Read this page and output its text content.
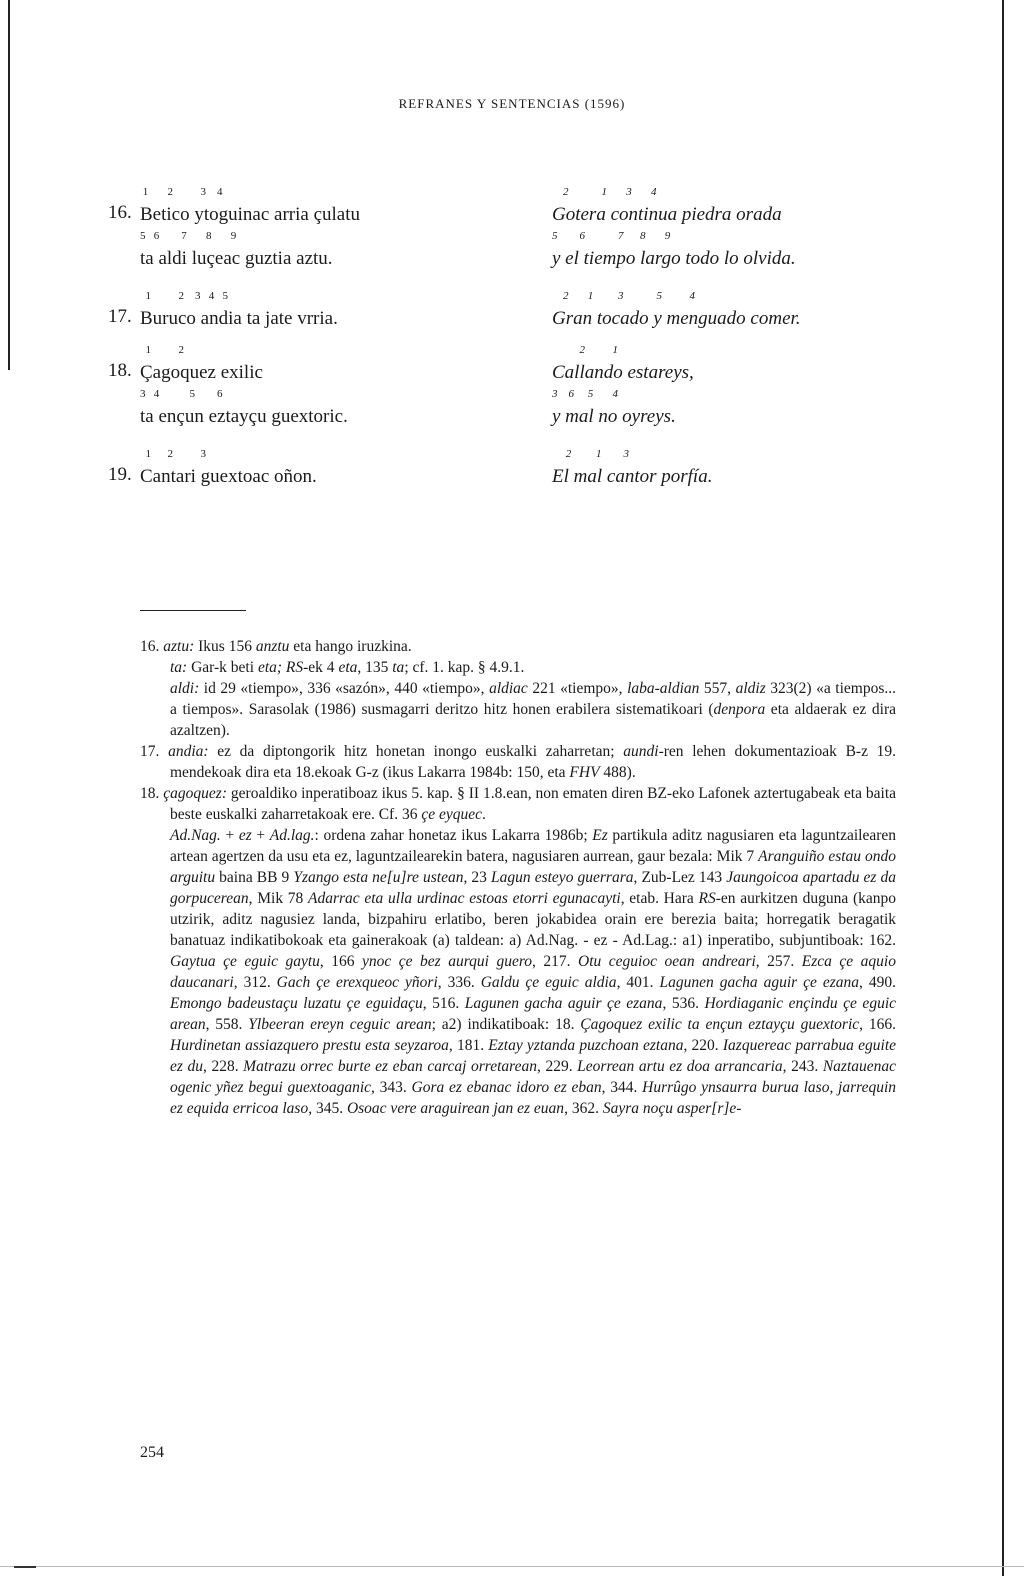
REFRANES Y SENTENCIAS (1596)
16.
1       2          3    4
Betico ytoguinac arria çulatu
5   6        7       8       9
ta aldi luçeac guztia aztu.
2            1       3       4
Gotera continua piedra orada
5        6            7      8       9
y el tiempo largo todo lo olvida.
17.
1          2    3   4   5
Buruco andia ta jate vrria.
2       1         3            5          4
Gran tocado y menguado comer.
18.
1          2
Çagoquez exilic
3   4           5        6
ta ençun eztayçu guextoric.
2          1
Callando estareys,
3    6     5       4
y mal no oyreys.
19.
1      2          3
Cantari guextoac oñon.
2         1        3
El mal cantor porfía.

16. aztu: Ikus 156 anztu eta hango iruzkina.

ta: Gar-k beti eta; RS-ek 4 eta, 135 ta; cf. 1. kap. § 4.9.1.

aldi: id 29 «tiempo», 336 «sazón», 440 «tiempo», aldiac 221 «tiempo», laba-aldian 557, aldiz 323(2) «a tiempos... a tiempos». Sarasolak (1986) susmagarri deritzo hitz honen erabilera sistematikoari (denpora eta aldaerak ez dira azaltzen).

17. andia: ez da diptongorik hitz honetan inongo euskalki zaharretan; aundi-ren lehen dokumentazioak B-z 19. mendekoak dira eta 18.ekoak G-z (ikus Lakarra 1984b: 150, eta FHV 488).

18. çagoquez: geroaldiko inperatiboaz ikus 5. kap. § II 1.8.ean, non ematen diren BZ-eko Lafonek aztertugabeak eta baita beste euskalki zaharretakoak ere. Cf. 36 çe eyquec.

Ad.Nag. + ez + Ad.lag.: ordena zahar honetaz ikus Lakarra 1986b; Ez partikula aditz nagusiaren eta laguntzailearen artean agertzen da usu eta ez, laguntzailearekin batera, nagusiaren aurrean, gaur bezala: Mik 7 Aranguiño estau ondo arguitu baina BB 9 Yzango esta ne[u]re ustean, 23 Lagun esteyo guerrara, Zub-Lez 143 Jaungoicoa apartadu ez da gorpucerean, Mik 78 Adarrac eta ulla urdinac estoas etorri egunacayti, etab. Hara RS-en aurkitzen duguna (kanpo utzirik, aditz nagusiez landa, bizpahiru erlatibo, beren jokabidea orain ere berezia baita; horregatik beragatik banatuaz indikatibokoak eta gainerakoak (a) taldean: a) Ad.Nag. - ez - Ad.Lag.: a1) inperatibo, subjuntiboak: 162. Gaytua çe eguic gaytu, 166 ynoc çe bez aurqui guero, 217. Otu ceguioc oean andreari, 257. Ezca çe aquio daucanari, 312. Gach çe erexqueoc yñori, 336. Galdu çe eguic aldia, 401. Lagunen gacha aguir çe ezana, 490. Emongo badeustaçu luzatu çe eguidaçu, 516. Lagunen gacha aguir çe ezana, 536. Hordiaganic ençindu çe eguic arean, 558. Ylbeeran ereyn ceguic arean; a2) indikatiboak: 18. Çagoquez exilic ta ençun eztayçu guextoric, 166. Hurdinetan assiazquero prestu esta seyzaroa, 181. Eztay yztanda puzchoan eztana, 220. Iazquereac parrabua eguite ez du, 228. Matrazu orrec burte ez eban carcaj orretarean, 229. Leorrean artu ez doa arrancaria, 243. Naztauenac ogenic yñez begui guextoaganic, 343. Gora ez ebanac idoro ez eban, 344. Hurrûgo ynsaurra burua laso, jarrequin ez equida erricoa laso, 345. Osoac vere araguirean jan ez euan, 362. Sayra noçu asper[r]e-

254
